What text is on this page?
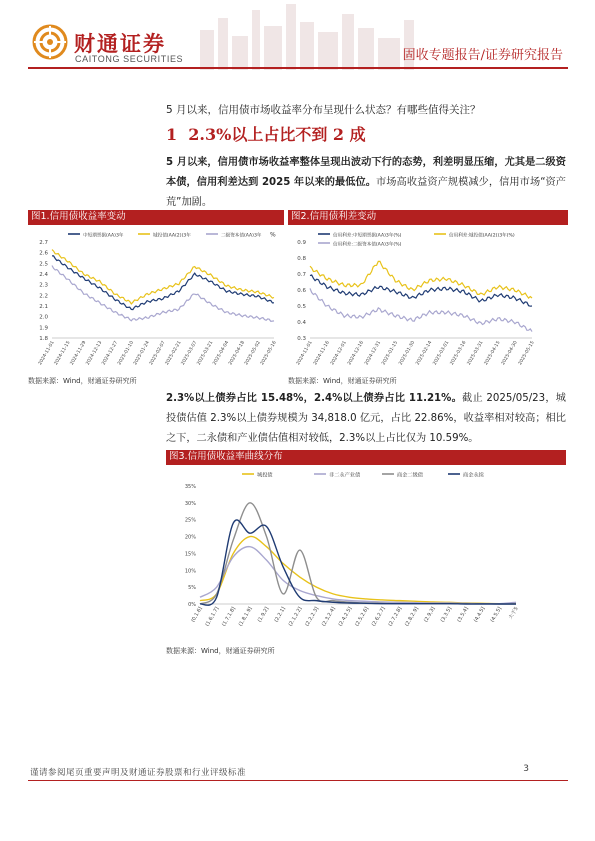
财通证券
CAITONG SECURITIES	固收专题报告/证券研究报告
5 月以来，信用债市场收益率分布呈现什么状态？有哪些值得关注？
1 2.3%以上占比不到 2 成
5 月以来，信用债市场收益率整体呈现出波动下行的态势，利差明显压缩，尤其是二级资本债，信用利差达到 2025 年以来的最低位。市场高收益资产规模减少，信用市场“资产荒”加剧。
图1.信用债收益率变动
中短期票据(AA)3年	城投债(AA(2))3年	二级资本债(AA)3年 %
2.7
2.6
2.5
2.4
2.3
2.2
2.1
2.0
1.9
1.8
2024-11-01
2024-11-15
2024-11-29
2024-12-13
2024-12-27
2025-01-10
2025-01-24
2025-02-07
2025-02-21
2025-03-07
2025-03-21
2025-04-04
2025-04-18
2025-05-02
2025-05-16
数据来源：Wind，财通证券研究所
图2.信用债利差变动
信用利差:中短期票据(AA)3年(%)	信用利差:城投债(AA(2))3年(%)
信用利差:二级资本债(AA)3年(%)
0.9
0.8
0.7
0.6
0.5
0.4
0.3
2024-11-01 2024-11-16 2024-12-01 2024-12-16 2024-12-31 2025-01-15 2025-01-30 2025-02-14 2025-03-01 2025-03-16 2025-03-31 2025-04-15 2025-04-30 2025-05-15
数据来源：Wind，财通证券研究所
2.3%以上债券占比 15.48%，2.4%以上债券占比 11.21%。截止 2025/05/23，城投债估值 2.3%以上债券规模为 34,818.0 亿元，占比 22.86%，收益率相对较高；相比之下，二永债和产业债估值相对较低，2.3%以上占比仅为 10.59%。
图3.信用债收益率曲线分布
城投债	非二永产业债	商金二级债	商金永续
35%
30%
25%
20%
15%
10%
5%
0%
(0,1.6] (1.6,1.7] (1.7,1.8] (1.8,1.9] (1.9,2] (2,2.1] (2.1,2.2] (2.2,2.3] (2.3,2.4] (2.4,2.5] (2.5,2.6] (2.6,2.7] (2.7,2.8] (2.8,2.9] (2.9,3] (3,3.5] (3.5,4] (4,4.5] (4.5,5] 大于5
数据来源：Wind，财通证券研究所
谨请参阅尾页重要声明及财通证券股票和行业评级标准	3
